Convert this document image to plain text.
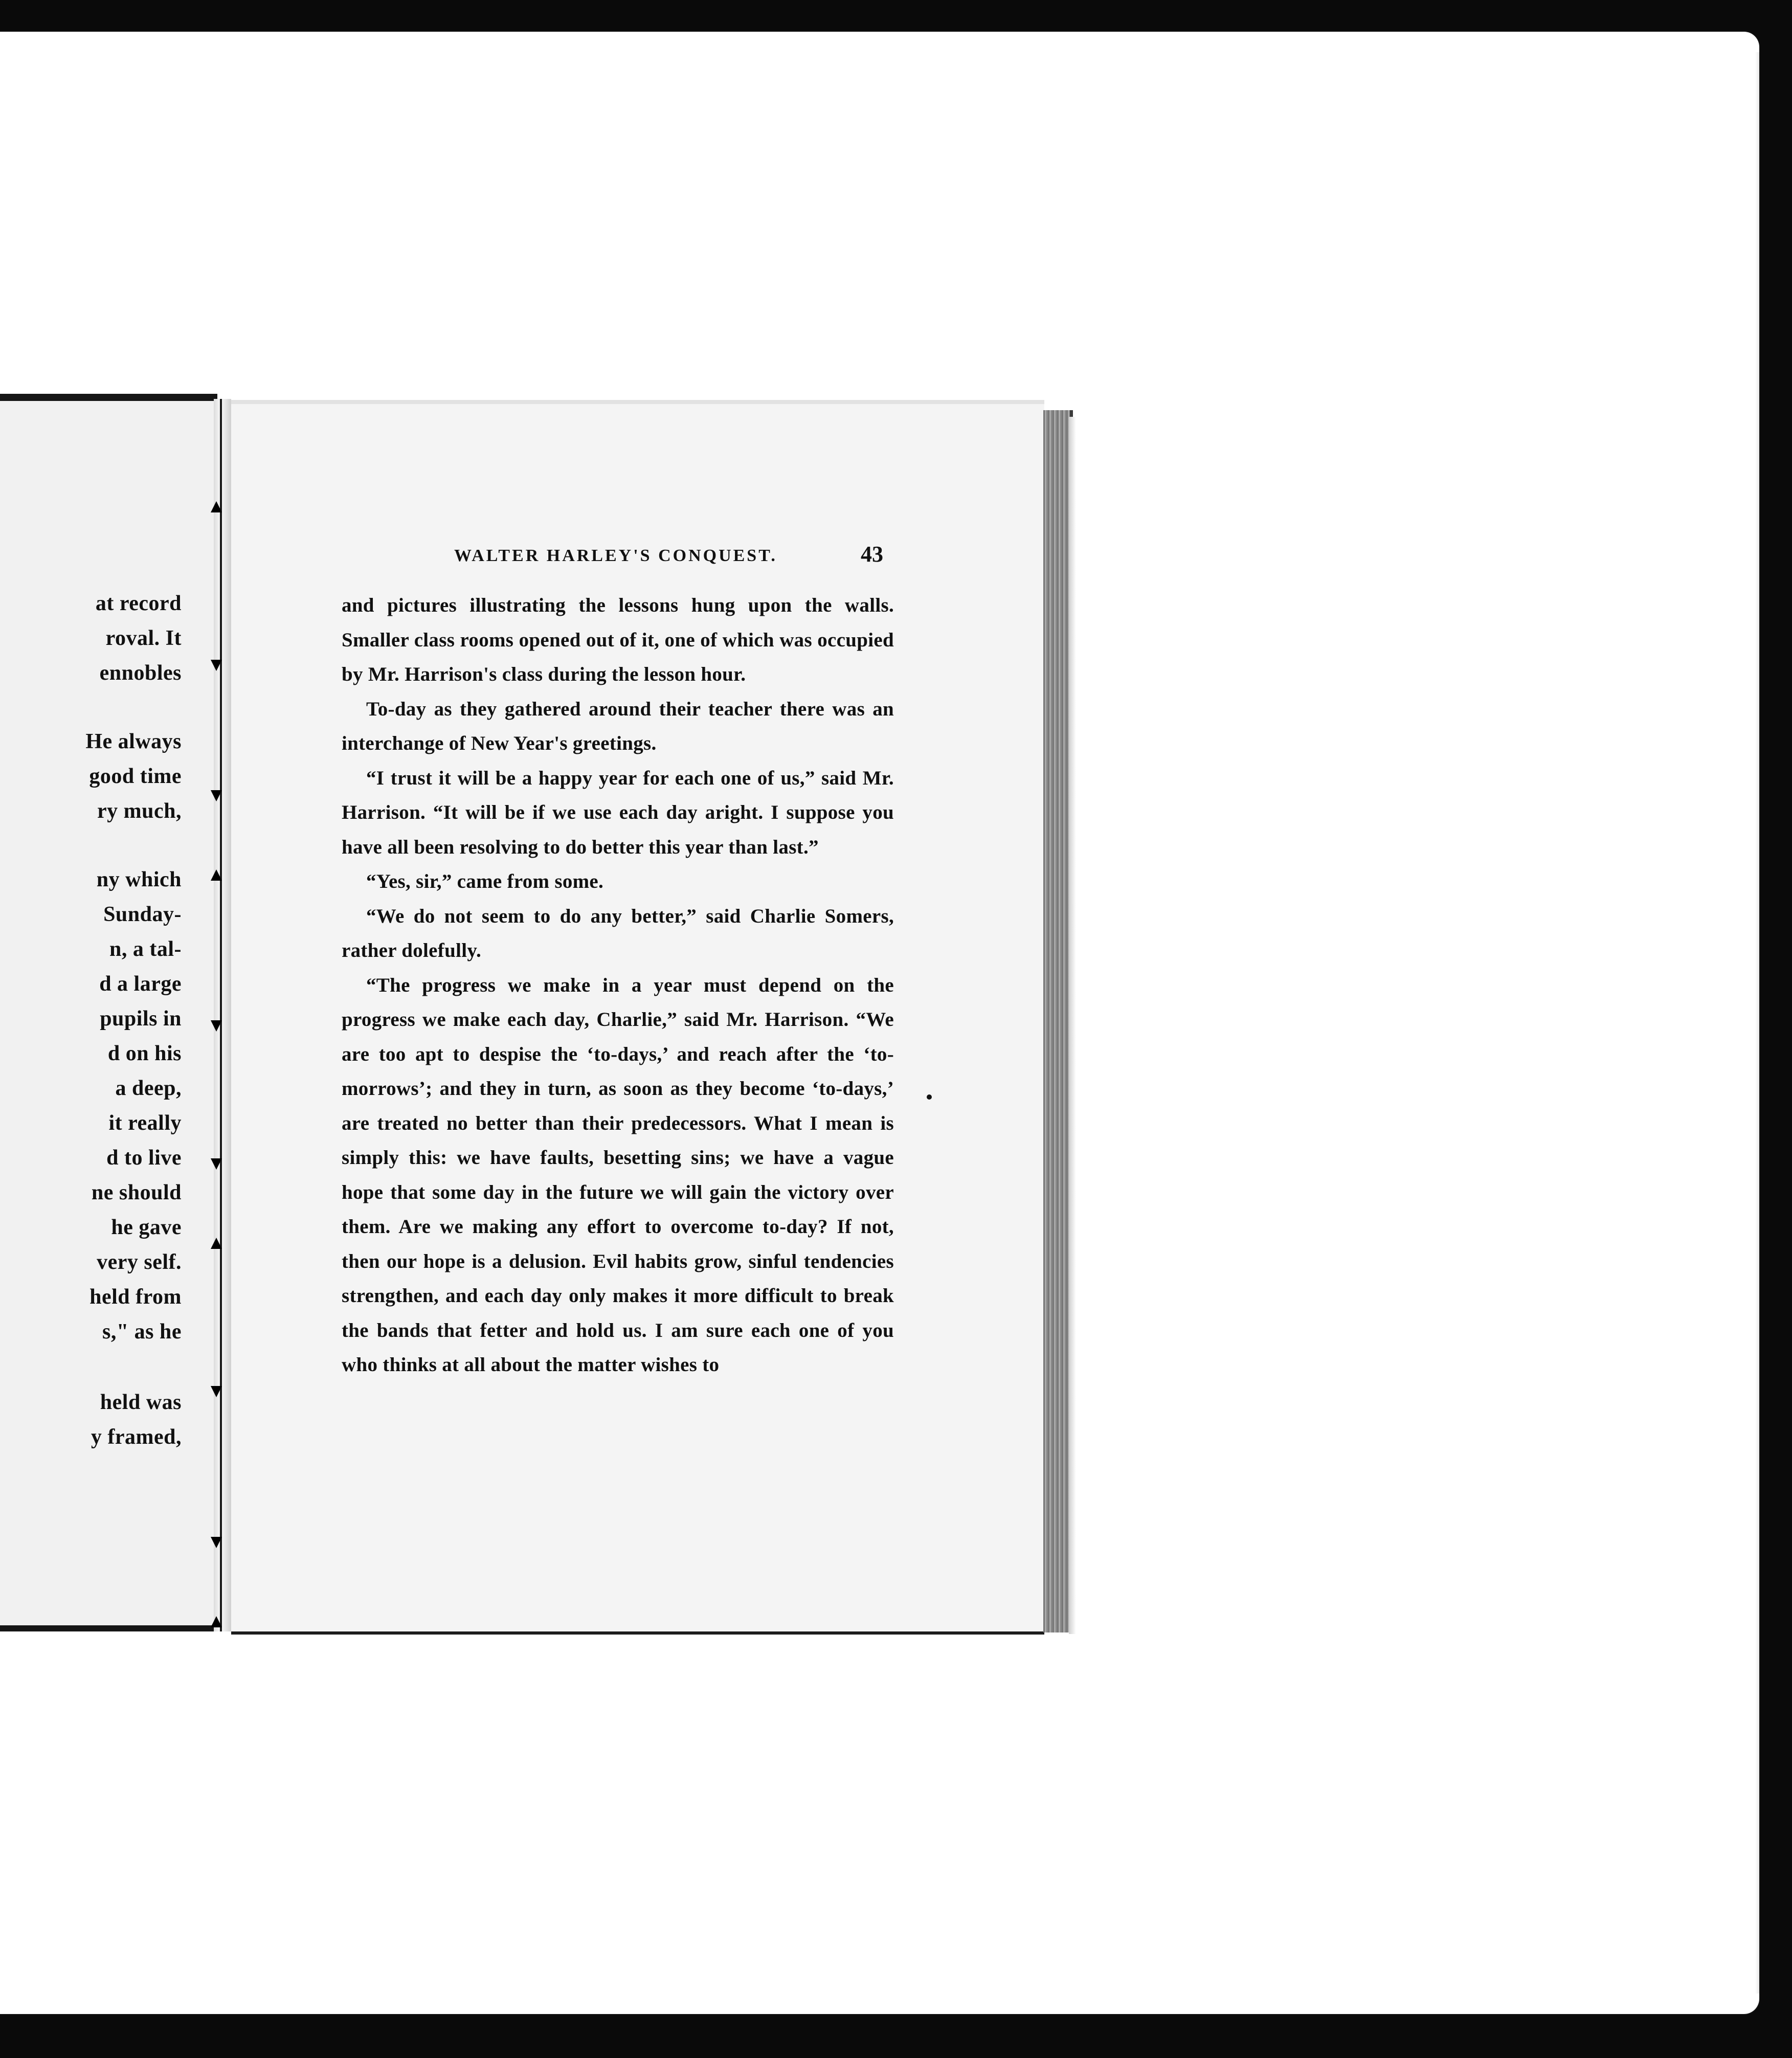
at record
roval. It
ennobles
He always
good time
ry much,
ny which
Sunday-
n, a tal-
d a large
pupils in
d on his
a deep,
it really
d to live
ne should
he gave
very self.
held from
s," as he
held was
y framed,
WALTER HARLEY'S CONQUEST.	43

and pictures illustrating the lessons hung upon the walls. Smaller class rooms opened out of it, one of which was occupied by Mr. Harrison's class during the lesson hour.

To-day as they gathered around their teacher there was an interchange of New Year's greetings.

“I trust it will be a happy year for each one of us,” said Mr. Harrison. “It will be if we use each day aright. I suppose you have all been resolving to do better this year than last.”

“Yes, sir,” came from some.

“We do not seem to do any better,” said Charlie Somers, rather dolefully.

“The progress we make in a year must depend on the progress we make each day, Charlie,” said Mr. Harrison. “We are too apt to despise the ‘to-days,’ and reach after the ‘to-morrows’; and they in turn, as soon as they become ‘to-days,’ are treated no better than their predecessors. What I mean is simply this: we have faults, besetting sins; we have a vague hope that some day in the future we will gain the victory over them. Are we making any effort to overcome to-day? If not, then our hope is a delusion. Evil habits grow, sinful tendencies strengthen, and each day only makes it more difficult to break the bands that fetter and hold us. I am sure each one of you who thinks at all about the matter wishes to
